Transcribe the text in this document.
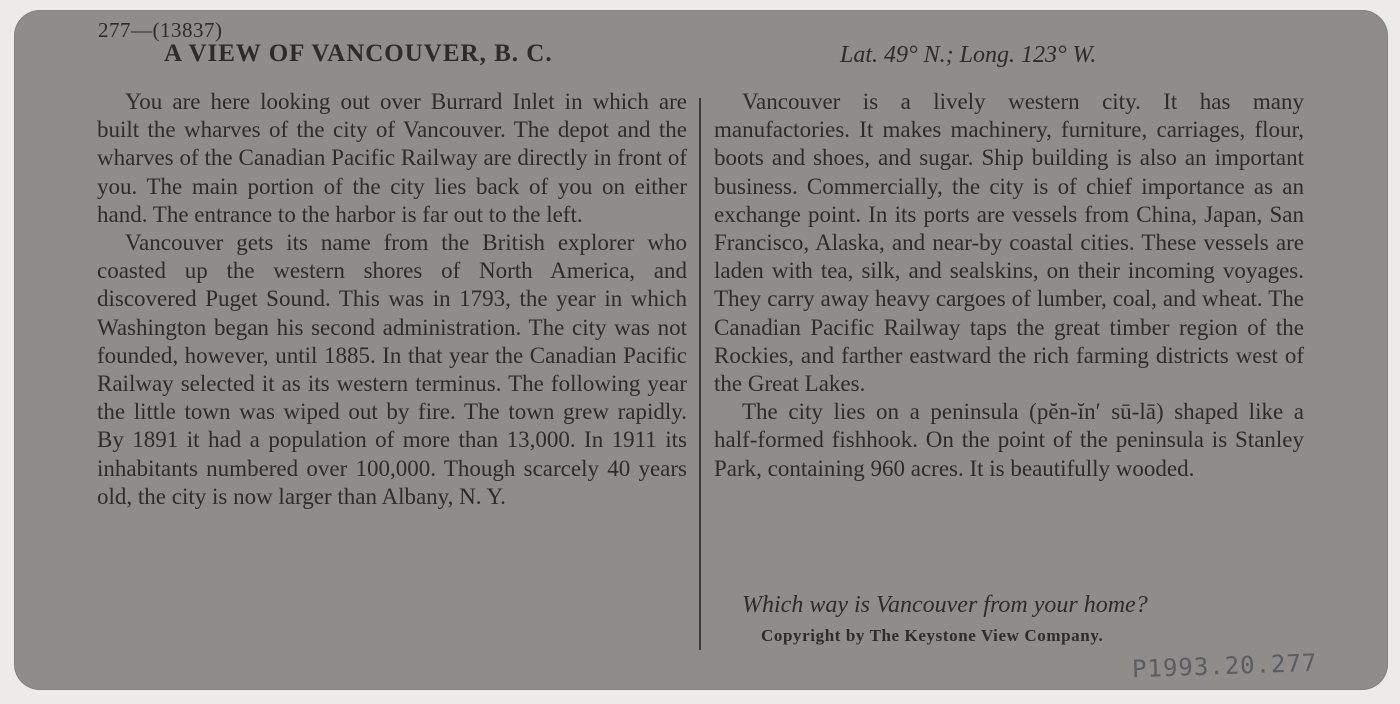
277—(13837)
A VIEW OF VANCOUVER, B. C.	Lat. 49° N.; Long. 123° W.

You are here looking out over Burrard Inlet in which are built the wharves of the city of Vancouver. The depot and the wharves of the Canadian Pacific Railway are directly in front of you. The main portion of the city lies back of you on either hand. The entrance to the harbor is far out to the left.

Vancouver gets its name from the British explorer who coasted up the western shores of North America, and discovered Puget Sound. This was in 1793, the year in which Washington began his second administration. The city was not founded, however, until 1885. In that year the Canadian Pacific Railway selected it as its western terminus. The following year the little town was wiped out by fire. The town grew rapidly. By 1891 it had a population of more than 13,000. In 1911 its inhabitants numbered over 100,000. Though scarcely 40 years old, the city is now larger than Albany, N. Y.

Vancouver is a lively western city. It has many manufactories. It makes machinery, furniture, carriages, flour, boots and shoes, and sugar. Ship building is also an important business. Commercially, the city is of chief importance as an exchange point. In its ports are vessels from China, Japan, San Francisco, Alaska, and near-by coastal cities. These vessels are laden with tea, silk, and sealskins, on their incoming voyages. They carry away heavy cargoes of lumber, coal, and wheat. The Canadian Pacific Railway taps the great timber region of the Rockies, and farther eastward the rich farming districts west of the Great Lakes.

The city lies on a peninsula (pĕn-ĭn′ sū-lā) shaped like a half-formed fishhook. On the point of the peninsula is Stanley Park, containing 960 acres. It is beautifully wooded.

Which way is Vancouver from your home?
Copyright by The Keystone View Company.
P1993.20.277
